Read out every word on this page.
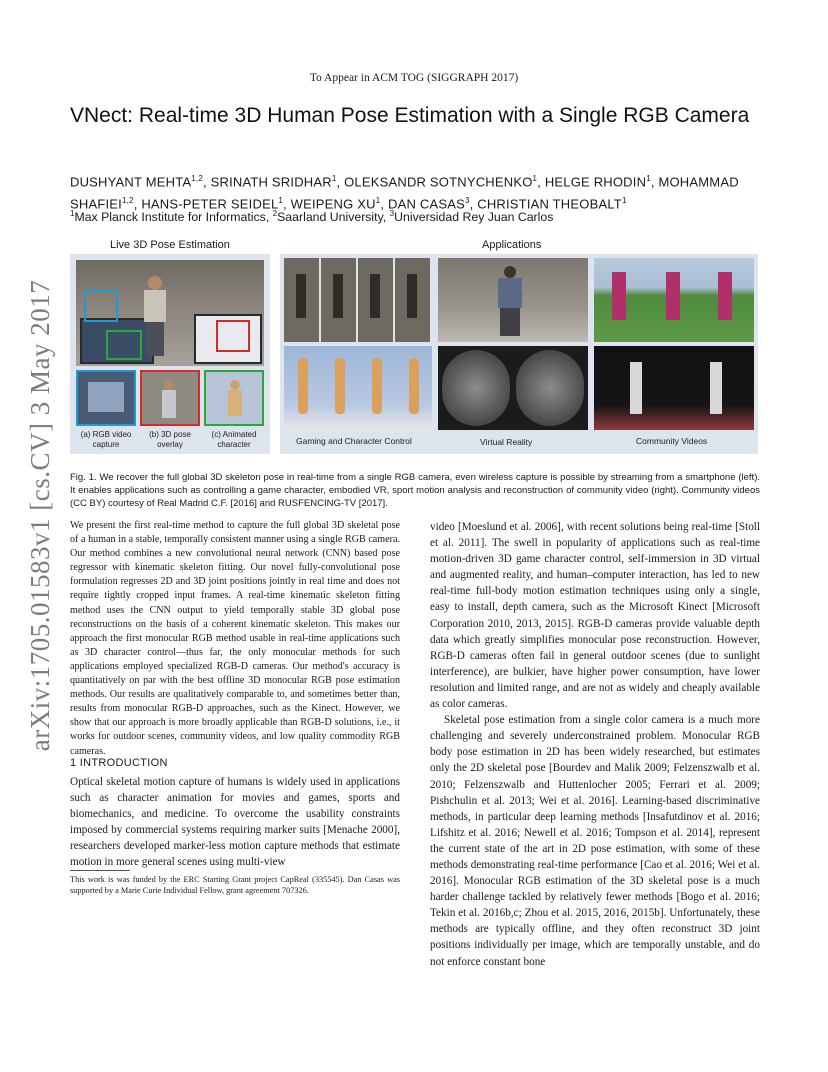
arXiv:1705.01583v1 [cs.CV] 3 May 2017
To Appear in ACM TOG (SIGGRAPH 2017)
VNect: Real-time 3D Human Pose Estimation with a Single RGB Camera
DUSHYANT MEHTA$^{1,2}$, SRINATH SRIDHAR$^1$, OLEKSANDR SOTNYCHENKO$^1$, HELGE RHODIN$^1$, MOHAMMAD SHAFIEI$^{1,2}$, HANS-PETER SEIDEL$^1$, WEIPENG $XU^1$, DAN CASAS$^3$, CHRISTIAN THEOBALT$^1$
$^1$Max Planck Institute for Informatics, $^2$Saarland University, $^3$Universidad Rey Juan Carlos
Live 3D Pose Estimation	Applications
(a) RGB video capture
(b) 3D pose overlay
(c) Animated character	Gaming and Character Control	Virtual Reality	Community Videos
Fig. 1. We recover the full global 3D skeleton pose in real-time from a single RGB camera, even wireless capture is possible by streaming from a smartphone (left). It enables applications such as controlling a game character, embodied VR, sport motion analysis and reconstruction of community video (right). Community videos (CC BY) courtesy of Real Madrid C.F. [2016] and RUSFENCING-TV [2017].
We present the first real-time method to capture the full global 3D skeletal pose of a human in a stable, temporally consistent manner using a single RGB camera. Our method combines a new convolutional neural network (CNN) based pose regressor with kinematic skeleton fitting. Our novel fully-convolutional pose formulation regresses 2D and 3D joint positions jointly in real time and does not require tightly cropped input frames. A real-time kinematic skeleton fitting method uses the CNN output to yield temporally stable 3D global pose reconstructions on the basis of a coherent kinematic skeleton. This makes our approach the first monocular RGB method usable in real-time applications such as 3D character control—thus far, the only monocular methods for such applications employed specialized RGB-D cameras. Our method's accuracy is quantitatively on par with the best offline 3D monocular RGB pose estimation methods. Our results are qualitatively comparable to, and sometimes better than, results from monocular RGB-D approaches, such as the Kinect. However, we show that our approach is more broadly applicable than RGB-D solutions, i.e., it works for outdoor scenes, community videos, and low quality commodity RGB cameras.
1 INTRODUCTION
Optical skeletal motion capture of humans is widely used in applications such as character animation for movies and games, sports and biomechanics, and medicine. To overcome the usability constraints imposed by commercial systems requiring marker suits [Menache 2000], researchers developed marker-less motion capture methods that estimate motion in more general scenes using multi-view
This work is was funded by the ERC Starting Grant project CapReal (335545). Dan Casas was supported by a Marie Curie Individual Fellow, grant agreement 707326.

video [Moeslund et al. 2006], with recent solutions being real-time [Stoll et al. 2011]. The swell in popularity of applications such as real-time motion-driven 3D game character control, self-immersion in 3D virtual and augmented reality, and human–computer interaction, has led to new real-time full-body motion estimation techniques using only a single, easy to install, depth camera, such as the Microsoft Kinect [Microsoft Corporation 2010, 2013, 2015]. RGB-D cameras provide valuable depth data which greatly simplifies monocular pose reconstruction. However, RGB-D cameras often fail in general outdoor scenes (due to sunlight interference), are bulkier, have higher power consumption, have lower resolution and limited range, and are not as widely and cheaply available as color cameras.

Skeletal pose estimation from a single color camera is a much more challenging and severely underconstrained problem. Monocular RGB body pose estimation in 2D has been widely researched, but estimates only the 2D skeletal pose [Bourdev and Malik 2009; Felzenszwalb et al. 2010; Felzenszwalb and Huttenlocher 2005; Ferrari et al. 2009; Pishchulin et al. 2013; Wei et al. 2016]. Learning-based discriminative methods, in particular deep learning methods [Insafutdinov et al. 2016; Lifshitz et al. 2016; Newell et al. 2016; Tompson et al. 2014], represent the current state of the art in 2D pose estimation, with some of these methods demonstrating real-time performance [Cao et al. 2016; Wei et al. 2016]. Monocular RGB estimation of the 3D skeletal pose is a much harder challenge tackled by relatively fewer methods [Bogo et al. 2016; Tekin et al. 2016b,c; Zhou et al. 2015, 2016, 2015b]. Unfortunately, these methods are typically offline, and they often reconstruct 3D joint positions individually per image, which are temporally unstable, and do not enforce constant bone
